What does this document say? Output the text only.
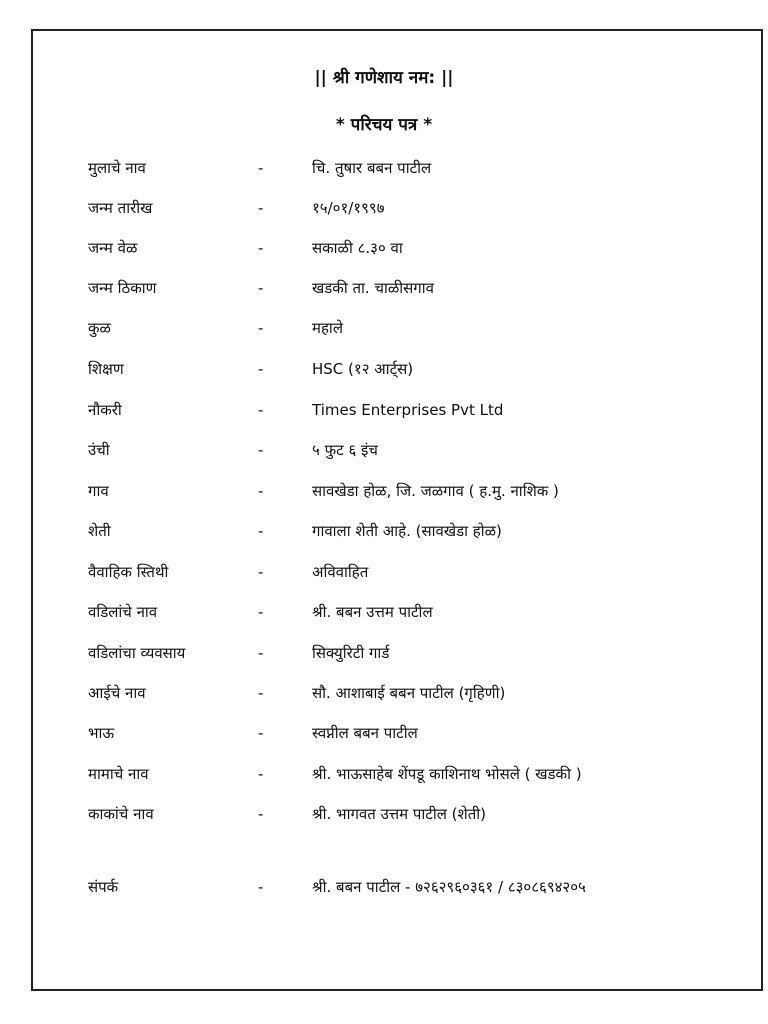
|| श्री गणेशाय नम: ||
* परिचय पत्र *
मुलाचे नाव	-	चि. तुषार बबन पाटील
जन्म तारीख	-	१५/०१/१९९७
जन्म वेळ	-	सकाळी ८.३० वा
जन्म ठिकाण	-	खडकी ता. चाळीसगाव
कुळ	-	महाले
शिक्षण	-	HSC (१२ आर्ट्स)
नौकरी	-	Times Enterprises Pvt Ltd
उंची	-	५ फुट ६ इंच
गाव	-	सावखेडा होळ, जि. जळगाव ( ह.मु. नाशिक )
शेती	-	गावाला शेती आहे. (सावखेडा होळ)
वैवाहिक स्तिथी	-	अविवाहित
वडिलांचे नाव	-	श्री. बबन उत्तम पाटील
वडिलांचा व्यवसाय	-	सिक्युरिटी गार्ड
आईचे नाव	-	सौ. आशाबाई बबन पाटील (गृहिणी)
भाऊ	-	स्वप्नील बबन पाटील
मामाचे नाव	-	श्री. भाऊसाहेब शेंपडू काशिनाथ भोसले ( खडकी )
काकांचे नाव	-	श्री. भागवत उत्तम पाटील (शेती)
संपर्क	-	श्री. बबन पाटील - ७२६२९६०३६१ / ८३०८६९४२०५
